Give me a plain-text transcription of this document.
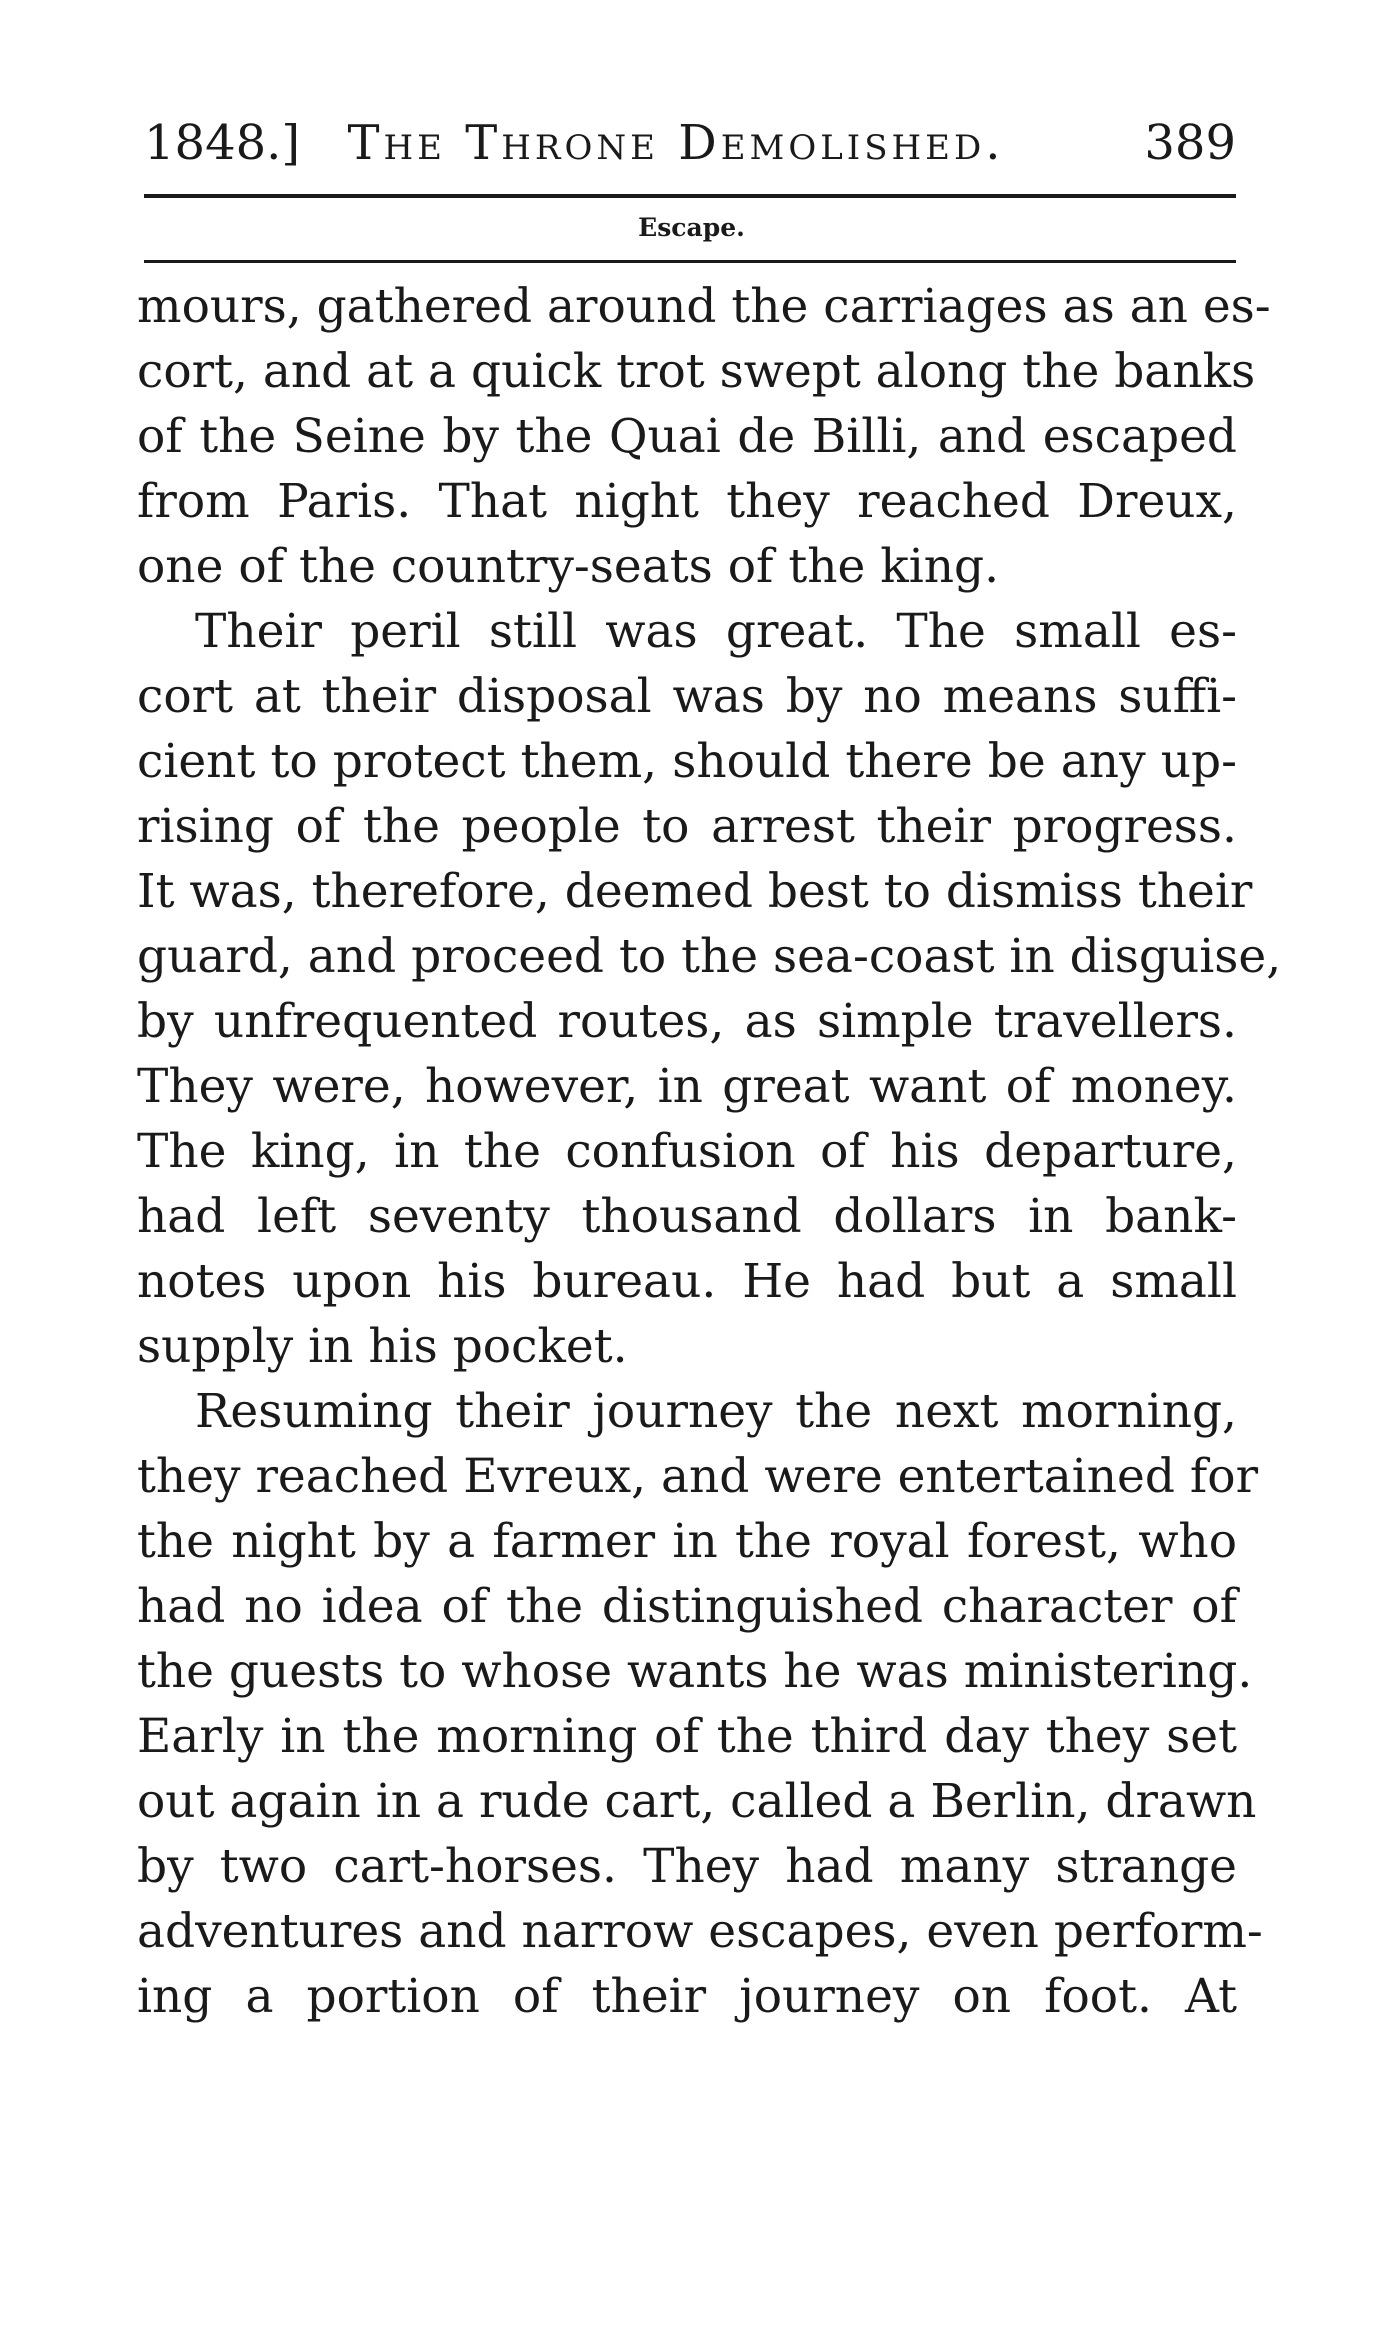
1848.] The Throne Demolished.	389
Escape.
mours, gathered around the carriages as an es-
cort, and at a quick trot swept along the banks
of the Seine by the Quai de Billi, and escaped
from Paris. That night they reached Dreux,
one of the country-seats of the king.
Their peril still was great. The small es-
cort at their disposal was by no means suffi-
cient to protect them, should there be any up-
rising of the people to arrest their progress.
It was, therefore, deemed best to dismiss their
guard, and proceed to the sea-coast in disguise,
by unfrequented routes, as simple travellers.
They were, however, in great want of money.
The king, in the confusion of his departure,
had left seventy thousand dollars in bank-
notes upon his bureau. He had but a small
supply in his pocket.
Resuming their journey the next morning,
they reached Evreux, and were entertained for
the night by a farmer in the royal forest, who
had no idea of the distinguished character of
the guests to whose wants he was ministering.
Early in the morning of the third day they set
out again in a rude cart, called a Berlin, drawn
by two cart-horses. They had many strange
adventures and narrow escapes, even perform-
ing a portion of their journey on foot. At
